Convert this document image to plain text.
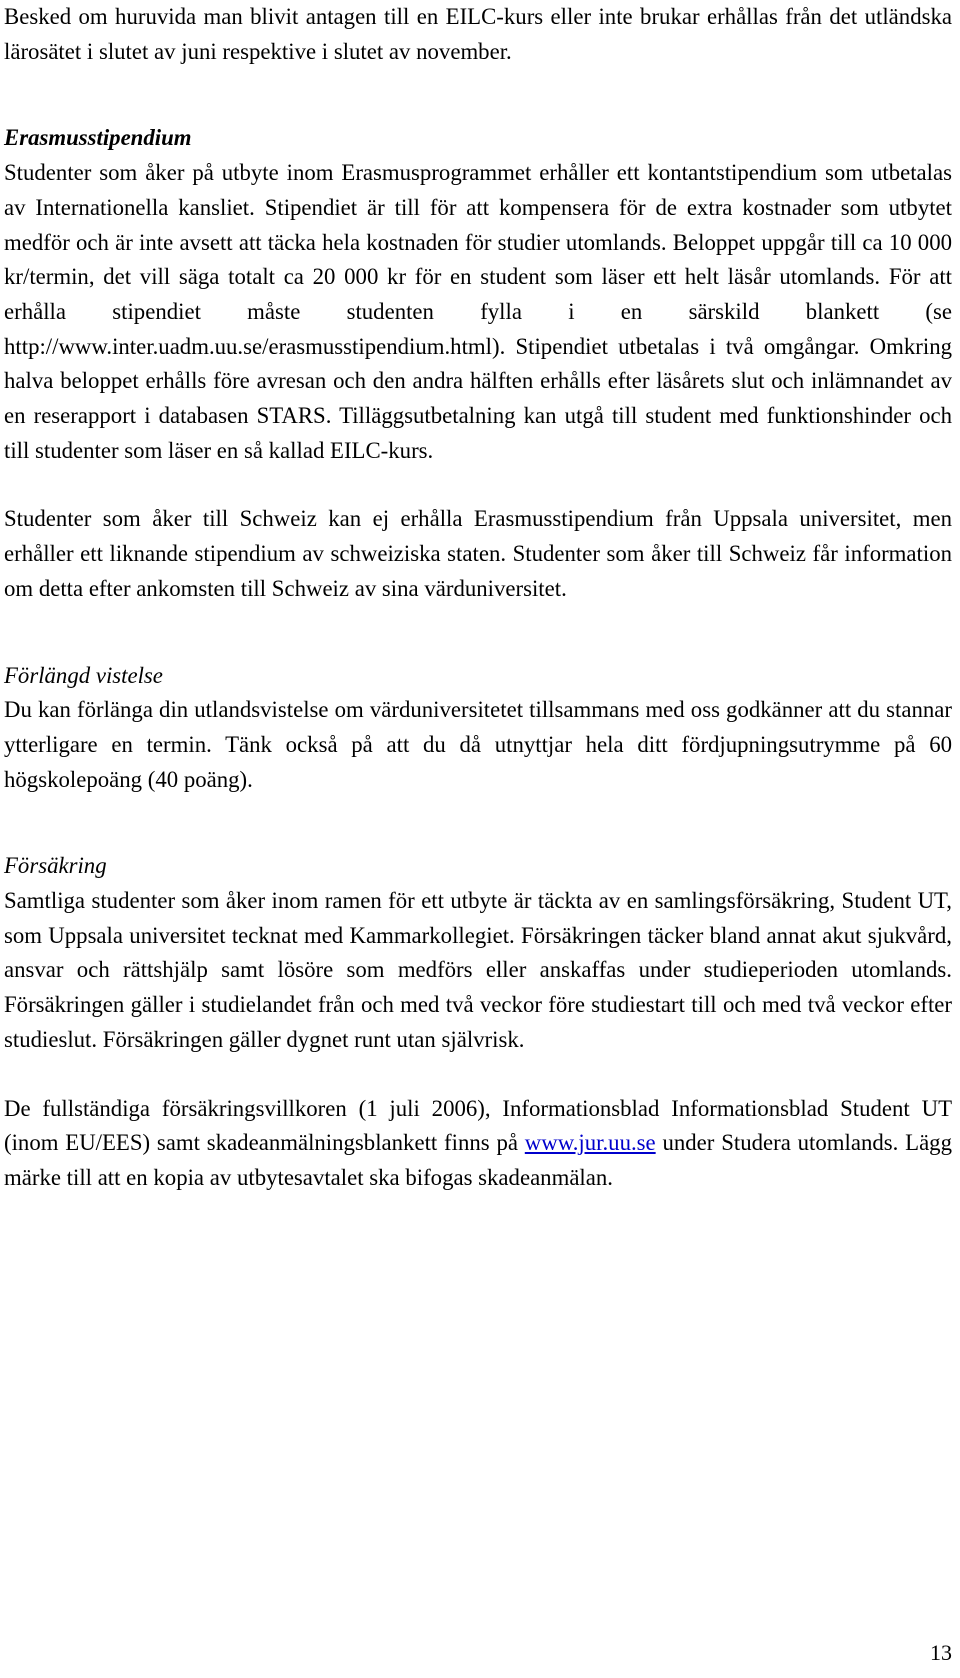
Besked om huruvida man blivit antagen till en EILC-kurs eller inte brukar erhållas från det utländska lärosätet i slutet av juni respektive i slutet av november.

Erasmusstipendium

Studenter som åker på utbyte inom Erasmusprogrammet erhåller ett kontantstipendium som utbetalas av Internationella kansliet. Stipendiet är till för att kompensera för de extra kostnader som utbytet medför och är inte avsett att täcka hela kostnaden för studier utomlands. Beloppet uppgår till ca 10 000 kr/termin, det vill säga totalt ca 20 000 kr för en student som läser ett helt läsår utomlands. För att erhålla stipendiet måste studenten fylla i en särskild blankett (se http://www.inter.uadm.uu.se/erasmusstipendium.html). Stipendiet utbetalas i två omgångar. Omkring halva beloppet erhålls före avresan och den andra hälften erhålls efter läsårets slut och inlämnandet av en reserapport i databasen STARS. Tilläggsutbetalning kan utgå till student med funktionshinder och till studenter som läser en så kallad EILC-kurs.

Studenter som åker till Schweiz kan ej erhålla Erasmusstipendium från Uppsala universitet, men erhåller ett liknande stipendium av schweiziska staten. Studenter som åker till Schweiz får information om detta efter ankomsten till Schweiz av sina värduniversitet.

Förlängd vistelse

Du kan förlänga din utlandsvistelse om värduniversitetet tillsammans med oss godkänner att du stannar ytterligare en termin. Tänk också på att du då utnyttjar hela ditt fördjupningsutrymme på 60 högskolepoäng (40 poäng).

Försäkring

Samtliga studenter som åker inom ramen för ett utbyte är täckta av en samlingsförsäkring, Student UT, som Uppsala universitet tecknat med Kammarkollegiet. Försäkringen täcker bland annat akut sjukvård, ansvar och rättshjälp samt lösöre som medförs eller anskaffas under studieperioden utomlands. Försäkringen gäller i studielandet från och med två veckor före studiestart till och med två veckor efter studieslut. Försäkringen gäller dygnet runt utan självrisk.

De fullständiga försäkringsvillkoren (1 juli 2006), Informationsblad Informationsblad Student UT (inom EU/EES) samt skadeanmälningsblankett finns på www.jur.uu.se under Studera utomlands. Lägg märke till att en kopia av utbytesavtalet ska bifogas skadeanmälan.

13
